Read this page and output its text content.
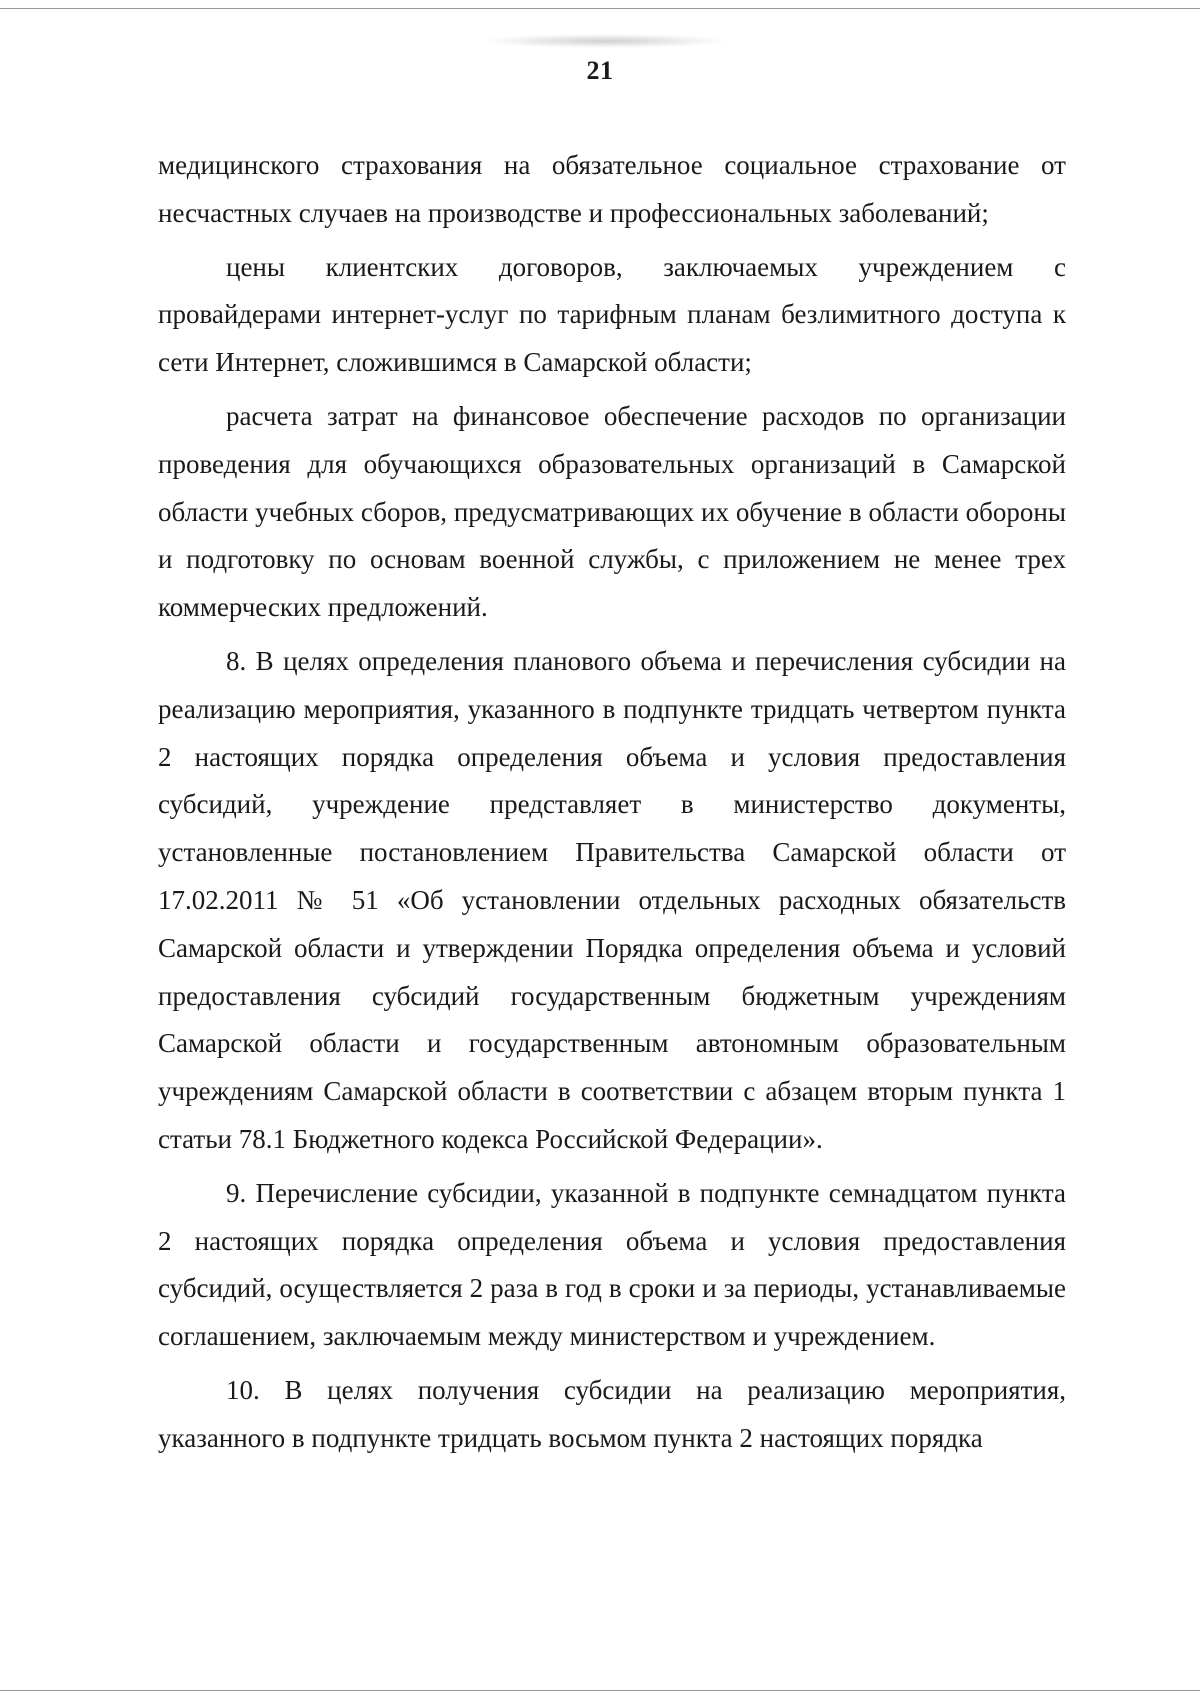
21

медицинского страхования на обязательное социальное страхование от несчастных случаев на производстве и профессиональных заболеваний;

цены клиентских договоров, заключаемых учреждением с провайдерами интернет-услуг по тарифным планам безлимитного доступа к сети Интернет, сложившимся в Самарской области;

расчета затрат на финансовое обеспечение расходов по организации проведения для обучающихся образовательных организаций в Самарской области учебных сборов, предусматривающих их обучение в области обороны и подготовку по основам военной службы, с приложением не менее трех коммерческих предложений.

8. В целях определения планового объема и перечисления субсидии на реализацию мероприятия, указанного в подпункте тридцать четвертом пункта 2 настоящих порядка определения объема и условия предоставления субсидий, учреждение представляет в министерство документы, установленные постановлением Правительства Самарской области от 17.02.2011 № 51 «Об установлении отдельных расходных обязательств Самарской области и утверждении Порядка определения объема и условий предоставления субсидий государственным бюджетным учреждениям Самарской области и государственным автономным образовательным учреждениям Самарской области в соответствии с абзацем вторым пункта 1 статьи 78.1 Бюджетного кодекса Российской Федерации».

9. Перечисление субсидии, указанной в подпункте семнадцатом пункта 2 настоящих порядка определения объема и условия предоставления субсидий, осуществляется 2 раза в год в сроки и за периоды, устанавливаемые соглашением, заключаемым между министерством и учреждением.

10. В целях получения субсидии на реализацию мероприятия, указанного в подпункте тридцать восьмом пункта 2 настоящих порядка
